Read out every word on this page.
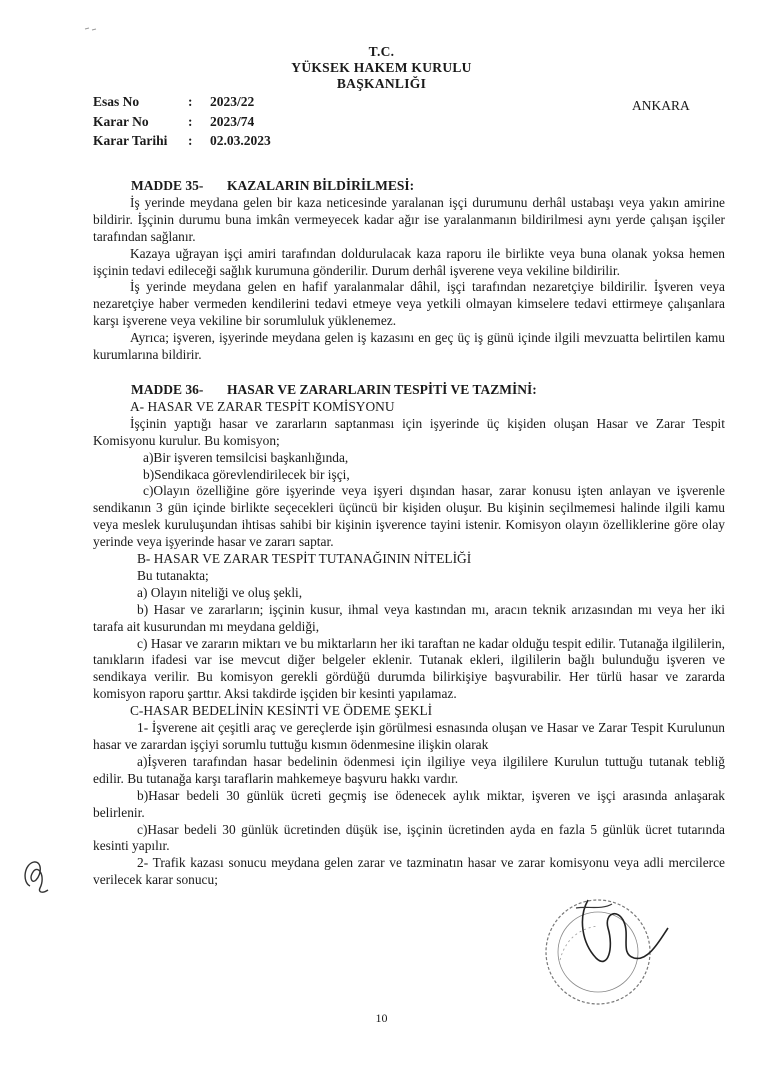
T.C.
YÜKSEK HAKEM KURULU
BAŞKANLIĞI
Esas No	:	2023/22
Karar No	:	2023/74
Karar Tarihi	:	02.03.2023
ANKARA

MADDE 35- KAZALARIN BİLDİRİLMESİ:

İş yerinde meydana gelen bir kaza neticesinde yaralanan işçi durumunu derhâl ustabaşı veya yakın amirine bildirir. İşçinin durumu buna imkân vermeyecek kadar ağır ise yaralanmanın bildirilmesi aynı yerde çalışan işçiler tarafından sağlanır.

Kazaya uğrayan işçi amiri tarafından doldurulacak kaza raporu ile birlikte veya buna olanak yoksa hemen işçinin tedavi edileceği sağlık kurumuna gönderilir. Durum derhâl işverene veya vekiline bildirilir.

İş yerinde meydana gelen en hafif yaralanmalar dâhil, işçi tarafından nezaretçiye bildirilir. İşveren veya nezaretçiye haber vermeden kendilerini tedavi etmeye veya yetkili olmayan kimselere tedavi ettirmeye çalışanlara karşı işverene veya vekiline bir sorumluluk yüklenemez.

Ayrıca; işveren, işyerinde meydana gelen iş kazasını en geç üç iş günü içinde ilgili mevzuatta belirtilen kamu kurumlarına bildirir.

MADDE 36- HASAR VE ZARARLARIN TESPİTİ VE TAZMİNİ:

A- HASAR VE ZARAR TESPİT KOMİSYONU

İşçinin yaptığı hasar ve zararların saptanması için işyerinde üç kişiden oluşan Hasar ve Zarar Tespit Komisyonu kurulur. Bu komisyon;

a)Bir işveren temsilcisi başkanlığında,

b)Sendikaca görevlendirilecek bir işçi,

c)Olayın özelliğine göre işyerinde veya işyeri dışından hasar, zarar konusu işten anlayan ve işverenle sendikanın 3 gün içinde birlikte seçecekleri üçüncü bir kişiden oluşur. Bu kişinin seçilmemesi halinde ilgili kamu veya meslek kuruluşundan ihtisas sahibi bir kişinin işverence tayini istenir. Komisyon olayın özelliklerine göre olay yerinde veya işyerinde hasar ve zararı saptar.

B- HASAR VE ZARAR TESPİT TUTANAĞININ NİTELİĞİ

Bu tutanakta;

a) Olayın niteliği ve oluş şekli,

b) Hasar ve zararların; işçinin kusur, ihmal veya kastından mı, aracın teknik arızasından mı veya her iki tarafa ait kusurundan mı meydana geldiği,

c) Hasar ve zararın miktarı ve bu miktarların her iki taraftan ne kadar olduğu tespit edilir. Tutanağa ilgililerin, tanıkların ifadesi var ise mevcut diğer belgeler eklenir. Tutanak ekleri, ilgililerin bağlı bulunduğu işveren ve sendikaya verilir. Bu komisyon gerekli gördüğü durumda bilirkişiye başvurabilir. Her türlü hasar ve zararda komisyon raporu şarttır. Aksi takdirde işçiden bir kesinti yapılamaz.

C-HASAR BEDELİNİN KESİNTİ VE ÖDEME ŞEKLİ

1- İşverene ait çeşitli araç ve gereçlerde işin görülmesi esnasında oluşan ve Hasar ve Zarar Tespit Kurulunun hasar ve zarardan işçiyi sorumlu tuttuğu kısmın ödenmesine ilişkin olarak

a)İşveren tarafından hasar bedelinin ödenmesi için ilgiliye veya ilgililere Kurulun tuttuğu tutanak tebliğ edilir. Bu tutanağa karşı taraflarin mahkemeye başvuru hakkı vardır.

b)Hasar bedeli 30 günlük ücreti geçmiş ise ödenecek aylık miktar, işveren ve işçi arasında anlaşarak belirlenir.

c)Hasar bedeli 30 günlük ücretinden düşük ise, işçinin ücretinden ayda en fazla 5 günlük ücret tutarında kesinti yapılır.

2- Trafik kazası sonucu meydana gelen zarar ve tazminatın hasar ve zarar komisyonu veya adli mercilerce verilecek karar sonucu;

10
